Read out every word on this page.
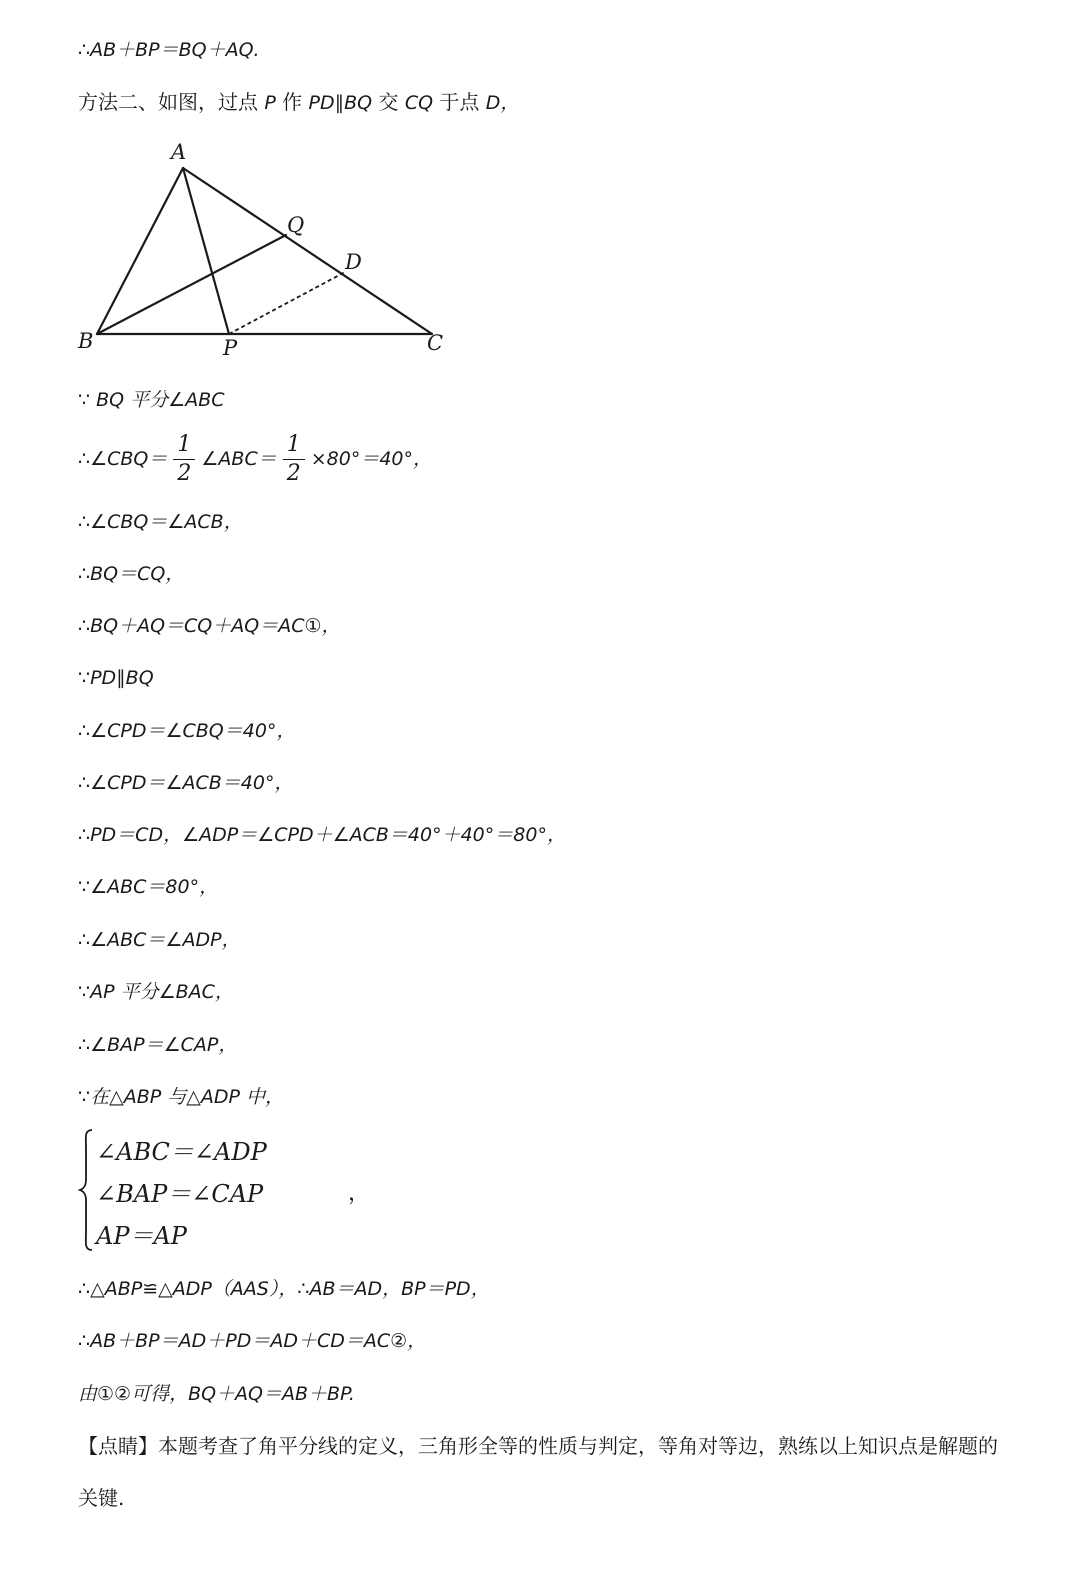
∴AB＋BP＝BQ＋AQ.
方法二、如图，过点 P 作 PD∥BQ 交 CQ 于点 D，
A
B	C
P
Q
D
∵ BQ 平分∠ABC
∴∠CBQ＝ $\frac{1}{2}$ ∠ABC＝ $\frac{1}{2} \times 80^\circ=40^\circ$，
∴∠CBQ＝∠ACB，
∴BQ＝CQ，
∴BQ＋AQ＝CQ＋AQ＝AC①，
∵PD∥BQ
∴∠CPD＝∠CBQ＝40°，
∴∠CPD＝∠ACB＝40°，
∴PD＝CD，∠ADP＝∠CPD＋∠ACB＝40°＋40°＝80°，
∵∠ABC＝80°，
∴∠ABC＝∠ADP，
∵AP 平分∠BAC，
∴∠BAP＝∠CAP，
∵在△ABP 与△ADP 中，
∠ABC＝∠ADP
∠BAP＝∠CAP
AP＝AP
，
∴△ABP≌△ADP（AAS），∴AB＝AD，BP＝PD，
∴AB＋BP＝AD＋PD＝AD＋CD＝AC②，
由①②可得，BQ＋AQ＝AB＋BP.
【点睛】本题考查了角平分线的定义，三角形全等的性质与判定，等角对等边，熟练以上知识点是解题的关键.
